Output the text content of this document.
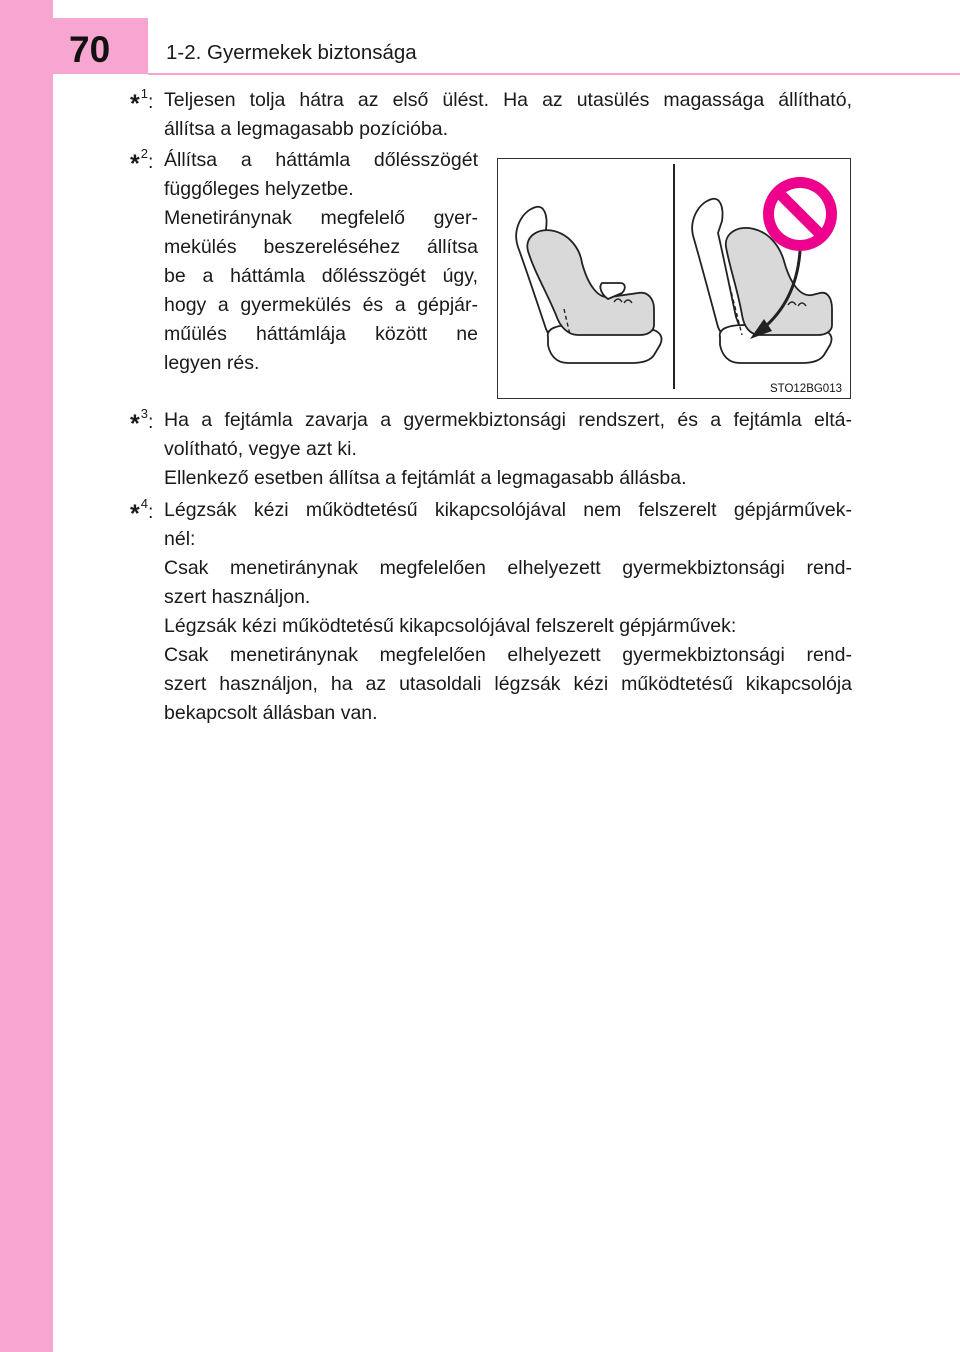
70	1-2. Gyermekek biztonsága
*$^1$: Teljesen tolja hátra az első ülést. Ha az utasülés magassága állítható,
állítsa a legmagasabb pozícióba.
*$^2$: Állítsa a háttámla dőlésszögét
függőleges helyzetbe.
Menetiránynak megfelelő gyer-
mekülés beszereléséhez állítsa
be a háttámla dőlésszögét úgy,
hogy a gyermekülés és a gépjár-
műülés háttámlája között ne
legyen rés.
STO12BG013
*$^3$: Ha a fejtámla zavarja a gyermekbiztonsági rendszert, és a fejtámla eltá-
volítható, vegye azt ki.
Ellenkező esetben állítsa a fejtámlát a legmagasabb állásba.
*$^4$: Légzsák kézi működtetésű kikapcsolójával nem felszerelt gépjárművek-
nél:
Csak menetiránynak megfelelően elhelyezett gyermekbiztonsági rend-
szert használjon.
Légzsák kézi működtetésű kikapcsolójával felszerelt gépjárművek:
Csak menetiránynak megfelelően elhelyezett gyermekbiztonsági rend-
szert használjon, ha az utasoldali légzsák kézi működtetésű kikapcsolója
bekapcsolt állásban van.
